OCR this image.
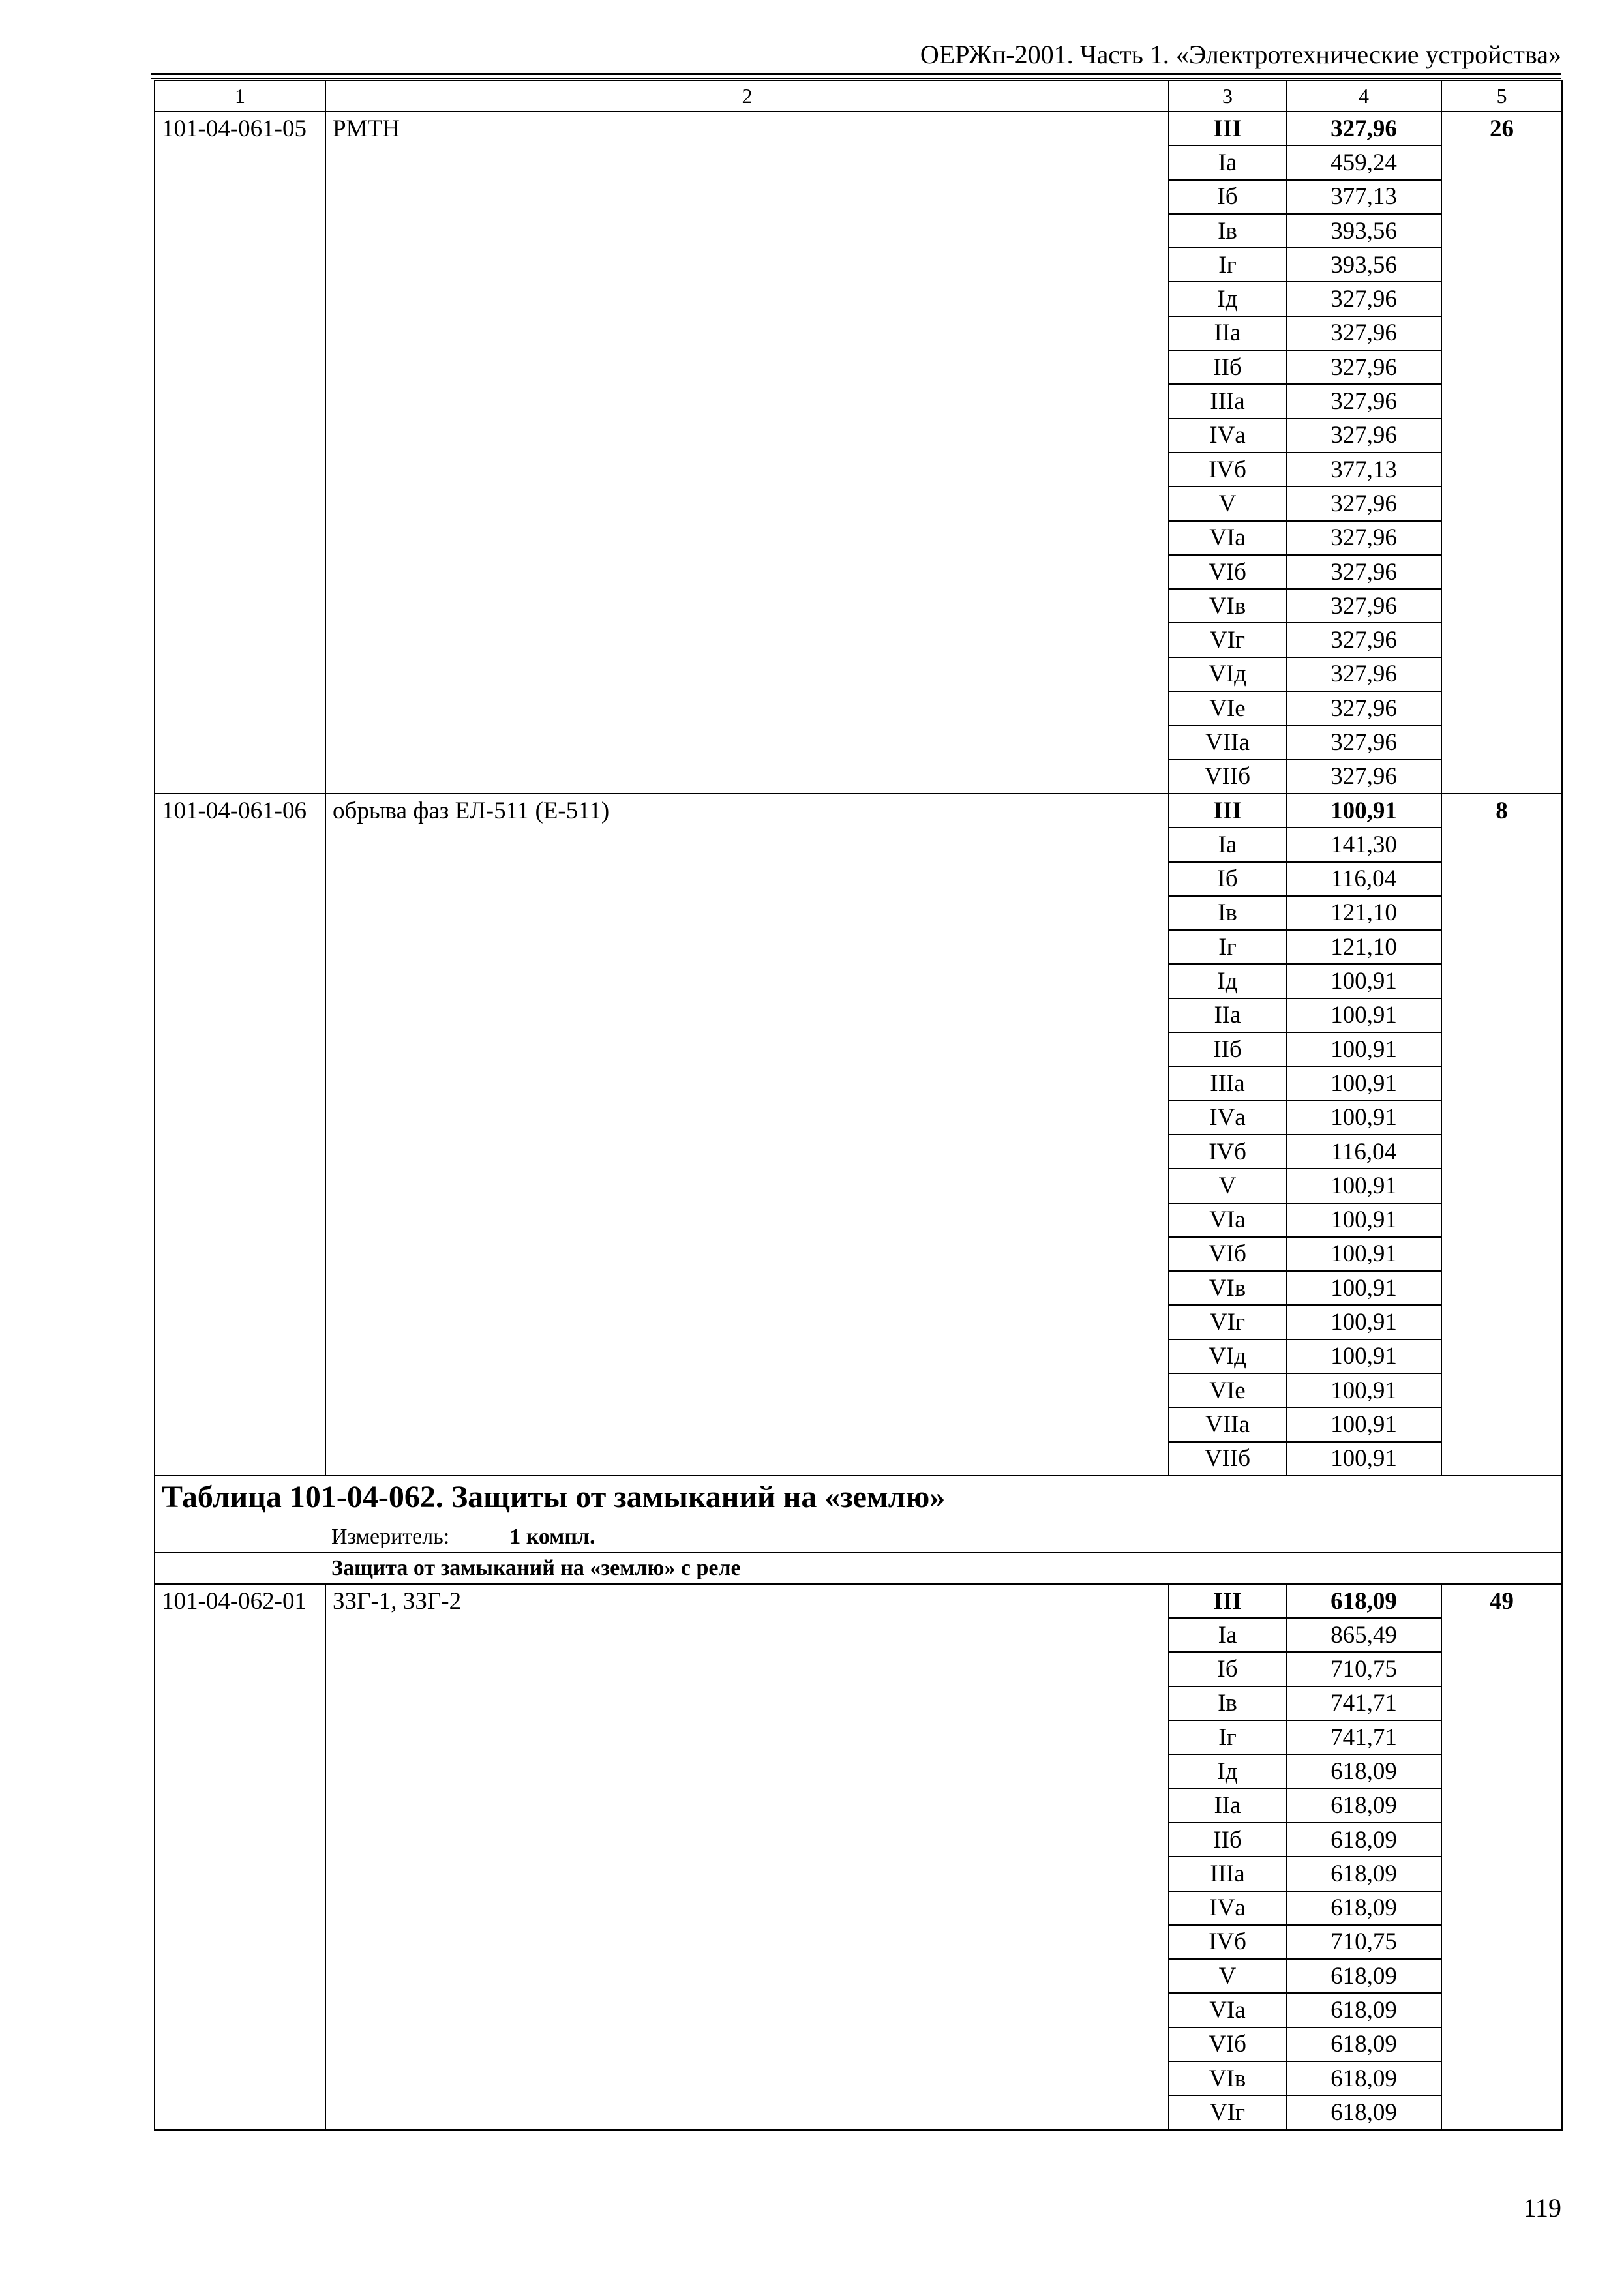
ОЕРЖп-2001. Часть 1. «Электротехнические устройства»
1	2	3	4	5
101-04-061-05	РМТН	III	327,96	26
		Iа	459,24	
		Iб	377,13	
		Iв	393,56	
		Iг	393,56	
		Iд	327,96	
		IIа	327,96	
		IIб	327,96	
		IIIа	327,96	
		IVа	327,96	
		IVб	377,13	
		V	327,96	
		VIа	327,96	
		VIб	327,96	
		VIв	327,96	
		VIг	327,96	
		VIд	327,96	
		VIе	327,96	
		VIIа	327,96	
		VIIб	327,96	
101-04-061-06	обрыва фаз ЕЛ-511 (Е-511)	III	100,91	8
		Iа	141,30	
		Iб	116,04	
		Iв	121,10	
		Iг	121,10	
		Iд	100,91	
		IIа	100,91	
		IIб	100,91	
		IIIа	100,91	
		IVа	100,91	
		IVб	116,04	
		V	100,91	
		VIа	100,91	
		VIб	100,91	
		VIв	100,91	
		VIг	100,91	
		VIд	100,91	
		VIе	100,91	
		VIIа	100,91	
		VIIб	100,91	
Таблица 101-04-062. Защиты от замыканий на «землю»				
Измеритель: 1 компл.				
Защита от замыканий на «землю» с реле				
101-04-062-01	ЗЗГ-1, ЗЗГ-2	III	618,09	49
		Iа	865,49	
		Iб	710,75	
		Iв	741,71	
		Iг	741,71	
		Iд	618,09	
		IIа	618,09	
		IIб	618,09	
		IIIа	618,09	
		IVа	618,09	
		IVб	710,75	
		V	618,09	
		VIа	618,09	
		VIб	618,09	
		VIв	618,09	
		VIг	618,09	
119
